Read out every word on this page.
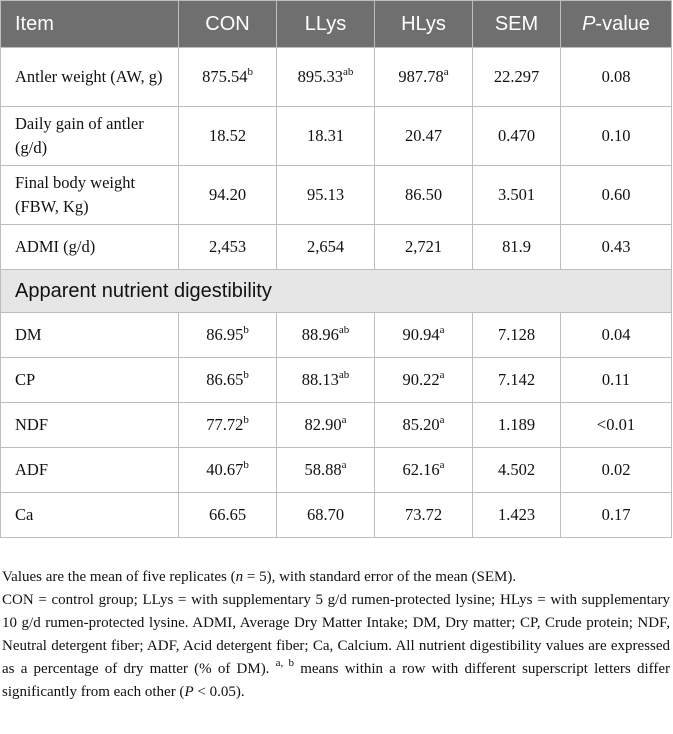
Item	CON	LLys	HLys	SEM	P-value
Antler weight (AW, g)	875.54$^b$	895.33$^{ab}$	987.78$^a$	22.297	0.08
Daily gain of antler (g/d)	18.52	18.31	20.47	0.470	0.10
Final body weight (FBW, Kg)	94.20	95.13	86.50	3.501	0.60
ADMI (g/d)	2,453	2,654	2,721	81.9	0.43
Apparent nutrient digestibility					
DM	86.95$^b$	88.96$^{ab}$	90.94$^a$	7.128	0.04
CP	86.65$^b$	88.13$^{ab}$	90.22$^a$	7.142	0.11
NDF	77.72$^b$	82.90$^a$	85.20$^a$	1.189	<0.01
ADF	40.67$^b$	58.88$^a$	62.16$^a$	4.502	0.02
Ca	66.65	68.70	73.72	1.423	0.17

Values are the mean of five replicates (n = 5), with standard error of the mean (SEM).

CON = control group; LLys = with supplementary 5 g/d rumen-protected lysine; HLys = with supplementary 10 g/d rumen-protected lysine. ADMI, Average Dry Matter Intake; DM, Dry matter; CP, Crude protein; NDF, Neutral detergent fiber; ADF, Acid detergent fiber; Ca, Calcium. All nutrient digestibility values are expressed as a percentage of dry matter (% of DM). $^{a, b}$ means within a row with different superscript letters differ significantly from each other (P < 0.05).
